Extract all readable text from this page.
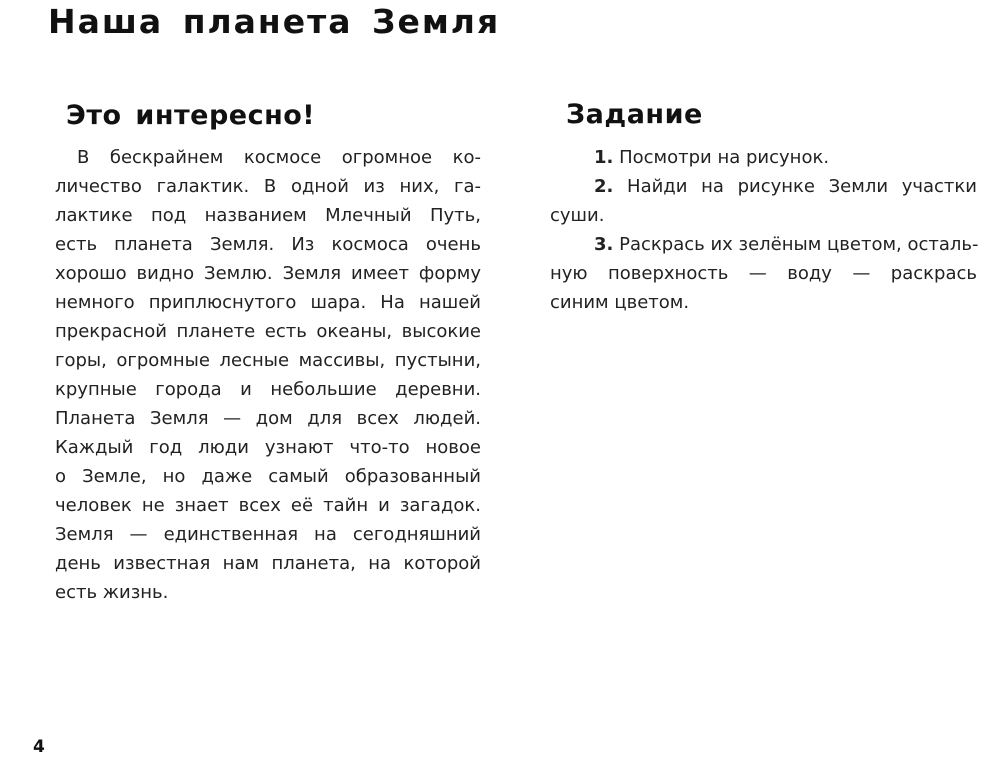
Наша планета Земля
Это интересно!

В бескрайнем космосе огромное ко-

личество галактик. В одной из них, га-

лактике под названием Млечный Путь,

есть планета Земля. Из космоса очень

хорошо видно Землю. Земля имеет форму

немного приплюснутого шара. На нашей

прекрасной планете есть океаны, высокие

горы, огромные лесные массивы, пустыни,

крупные города и небольшие деревни.

Планета Земля — дом для всех людей.

Каждый год люди узнают что-то новое

о Земле, но даже самый образованный

человек не знает всех её тайн и загадок.

Земля — единственная на сегодняшний

день известная нам планета, на которой

есть жизнь.

Задание

1. Посмотри на рисунок.

2. Найди на рисунке Земли участки

суши.

3. Раскрась их зелёным цветом, осталь-

ную поверхность — воду — раскрась

синим цветом.

4
